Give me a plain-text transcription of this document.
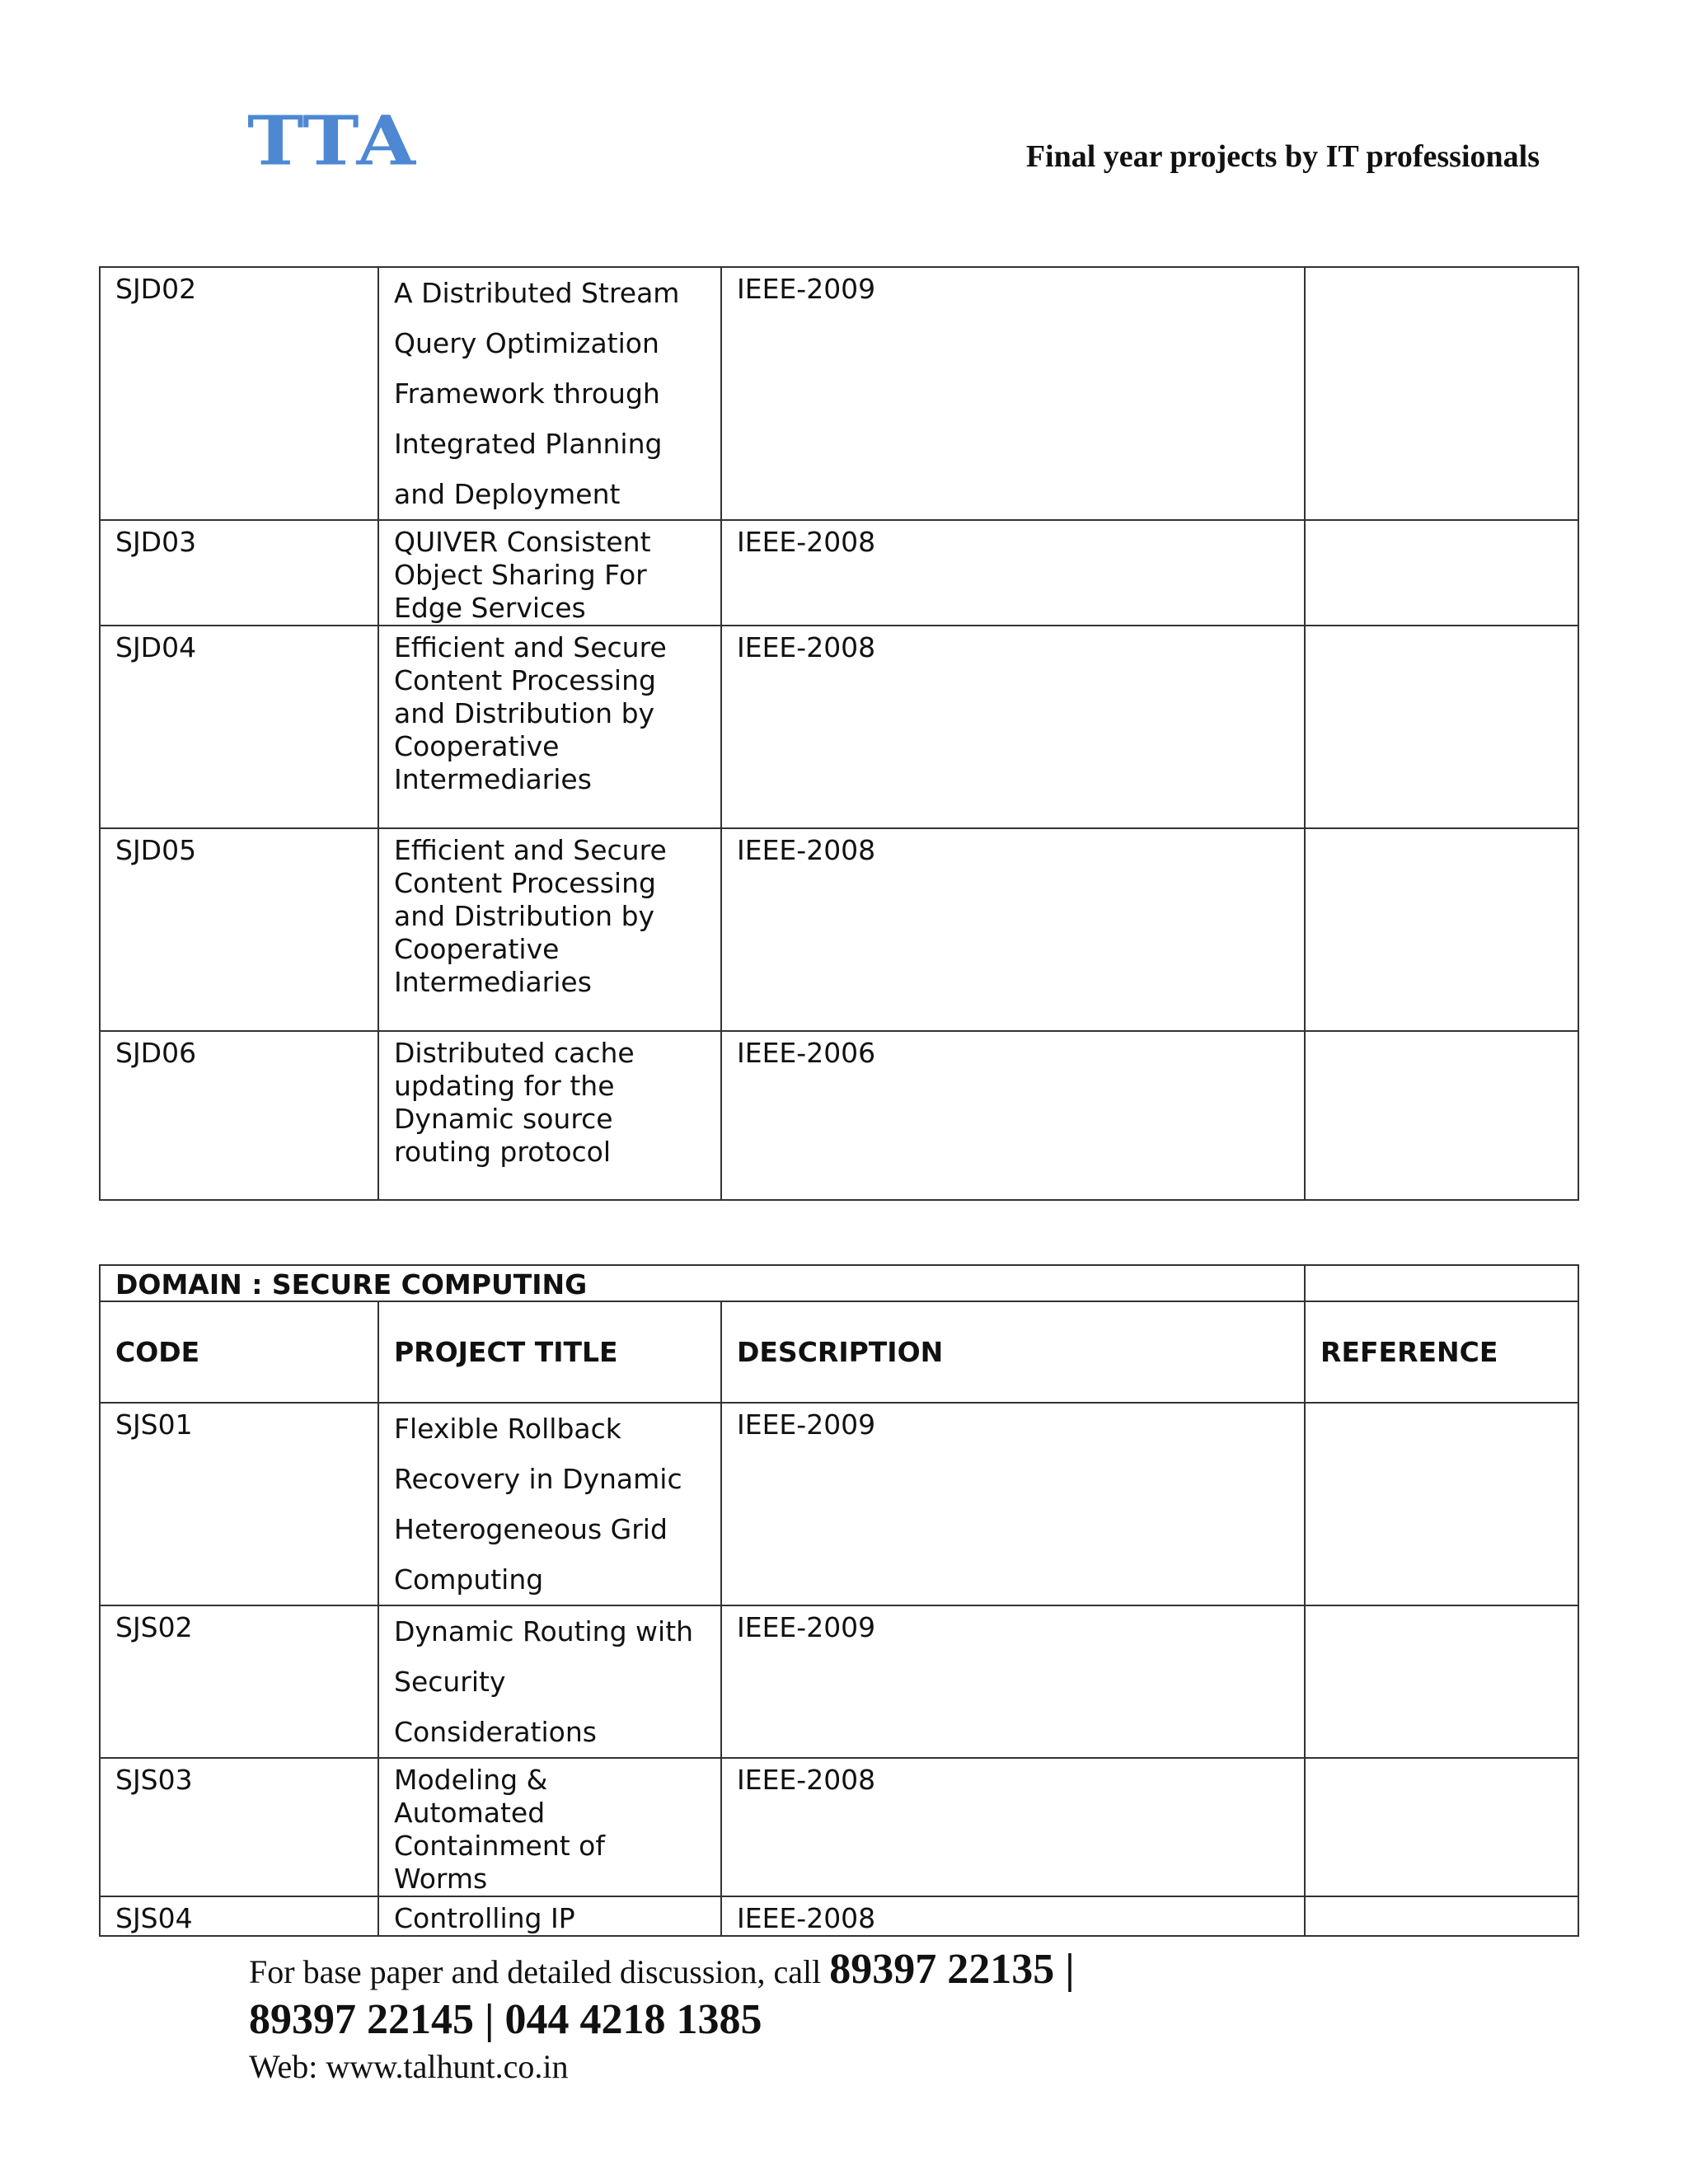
TTA	Final year projects by IT professionals
SJD02	A Distributed Stream Query Optimization Framework through Integrated Planning and Deployment	IEEE-2009	
SJD03	QUIVER Consistent Object Sharing For Edge Services	IEEE-2008	
SJD04	Efficient and Secure Content Processing and Distribution by Cooperative Intermediaries	IEEE-2008	
SJD05	Efficient and Secure Content Processing and Distribution by Cooperative Intermediaries	IEEE-2008	
SJD06	Distributed cache updating for the Dynamic source routing protocol	IEEE-2006	
DOMAIN : SECURE COMPUTING			
CODE	PROJECT TITLE	DESCRIPTION	REFERENCE
SJS01	Flexible Rollback Recovery in Dynamic Heterogeneous Grid Computing	IEEE-2009	
SJS02	Dynamic Routing with Security Considerations	IEEE-2009	
SJS03	Modeling & Automated Containment of Worms	IEEE-2008	
SJS04	Controlling IP	IEEE-2008	
For base paper and detailed discussion, call 89397 22135 |
89397 22145 | 044 4218 1385
Web: www.talhunt.co.in
